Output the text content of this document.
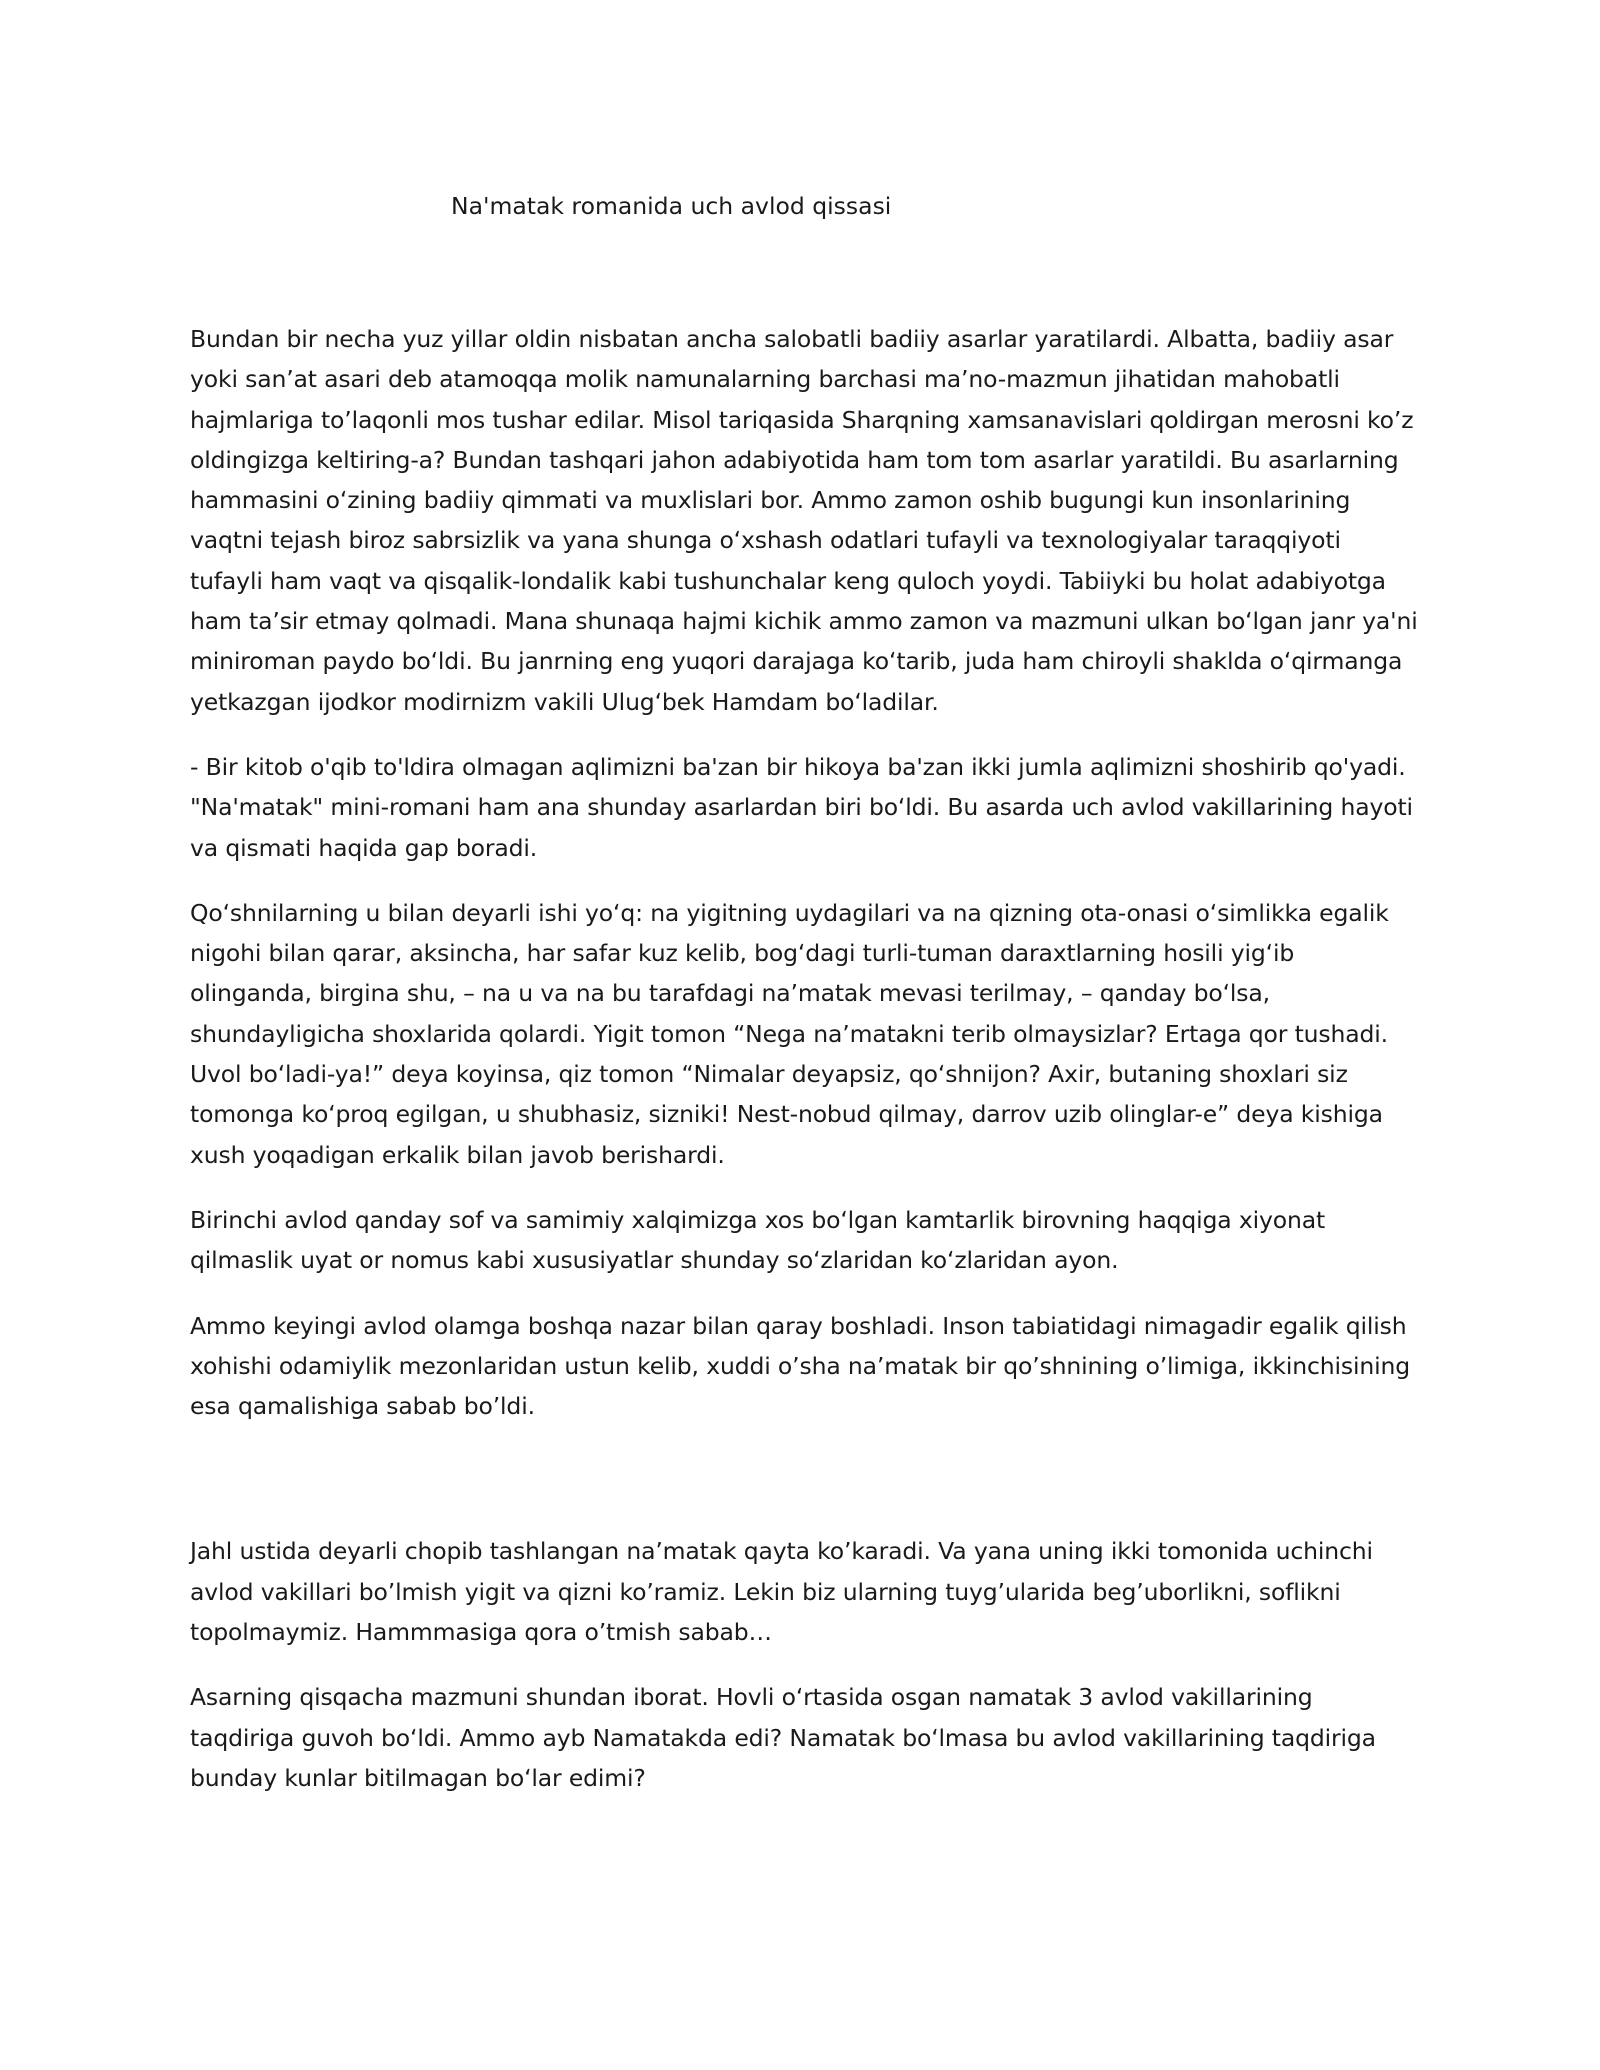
Na'matak romanida uch avlod qissasi

Bundan bir necha yuz yillar oldin nisbatan ancha salobatli badiiy asarlar yaratilardi. Albatta, badiiy asar yoki san’at asari deb atamoqqa molik namunalarning barchasi ma’no-mazmun jihatidan mahobatli hajmlariga to’laqonli mos tushar edilar. Misol tariqasida Sharqning xamsanavislari qoldirgan merosni ko’z oldingizga keltiring-a? Bundan tashqari jahon adabiyotida ham tom tom asarlar yaratildi. Bu asarlarning hammasini oʻzining badiiy qimmati va muxlislari bor. Ammo zamon oshib bugungi kun insonlarining vaqtni tejash biroz sabrsizlik va yana shunga oʻxshash odatlari tufayli va texnologiyalar taraqqiyoti tufayli ham vaqt va qisqalik-londalik kabi tushunchalar keng quloch yoydi. Tabiiyki bu holat adabiyotga ham ta’sir etmay qolmadi. Mana shunaqa hajmi kichik ammo zamon va mazmuni ulkan boʻlgan janr ya'ni miniroman paydo boʻldi. Bu janrning eng yuqori darajaga koʻtarib, juda ham chiroyli shaklda oʻqirmanga yetkazgan ijodkor modirnizm vakili Ulugʻbek Hamdam boʻladilar.

- Bir kitob o'qib to'ldira olmagan aqlimizni ba'zan bir hikoya ba'zan ikki jumla aqlimizni shoshirib qo'yadi. "Na'matak" mini-romani ham ana shunday asarlardan biri boʻldi. Bu asarda uch avlod vakillarining hayoti va qismati haqida gap boradi.

Qoʻshnilarning u bilan deyarli ishi yoʻq: na yigitning uydagilari va na qizning ota-onasi oʻsimlikka egalik nigohi bilan qarar, aksincha, har safar kuz kelib, bogʻdagi turli-tuman daraxtlarning hosili yigʻib olinganda, birgina shu, – na u va na bu tarafdagi na’matak mevasi terilmay, – qanday boʻlsa, shundayligicha shoxlarida qolardi. Yigit tomon “Nega na’matakni terib olmaysizlar? Ertaga qor tushadi. Uvol boʻladi-ya!” deya koyinsa, qiz tomon “Nimalar deyapsiz, qoʻshnijon? Axir, butaning shoxlari siz tomonga koʻproq egilgan, u shubhasiz, sizniki! Nest-nobud qilmay, darrov uzib olinglar-e” deya kishiga xush yoqadigan erkalik bilan javob berishardi.

Birinchi avlod qanday sof va samimiy xalqimizga xos boʻlgan kamtarlik birovning haqqiga xiyonat qilmaslik uyat or nomus kabi xususiyatlar shunday soʻzlaridan koʻzlaridan ayon.

Ammo keyingi avlod olamga boshqa nazar bilan qaray boshladi. Inson tabiatidagi nimagadir egalik qilish xohishi odamiylik mezonlaridan ustun kelib, xuddi o’sha na’matak bir qo’shnining o’limiga, ikkinchisining esa qamalishiga sabab bo’ldi.

Jahl ustida deyarli chopib tashlangan na’matak qayta ko’karadi. Va yana uning ikki tomonida uchinchi avlod vakillari bo’lmish yigit va qizni ko’ramiz. Lekin biz ularning tuyg’ularida beg’uborlikni, soflikni topolmaymiz. Hammmasiga qora o’tmish sabab…

Asarning qisqacha mazmuni shundan iborat. Hovli oʻrtasida osgan namatak 3 avlod vakillarining taqdiriga guvoh boʻldi. Ammo ayb Namatakda edi? Namatak boʻlmasa bu avlod vakillarining taqdiriga bunday kunlar bitilmagan boʻlar edimi?
